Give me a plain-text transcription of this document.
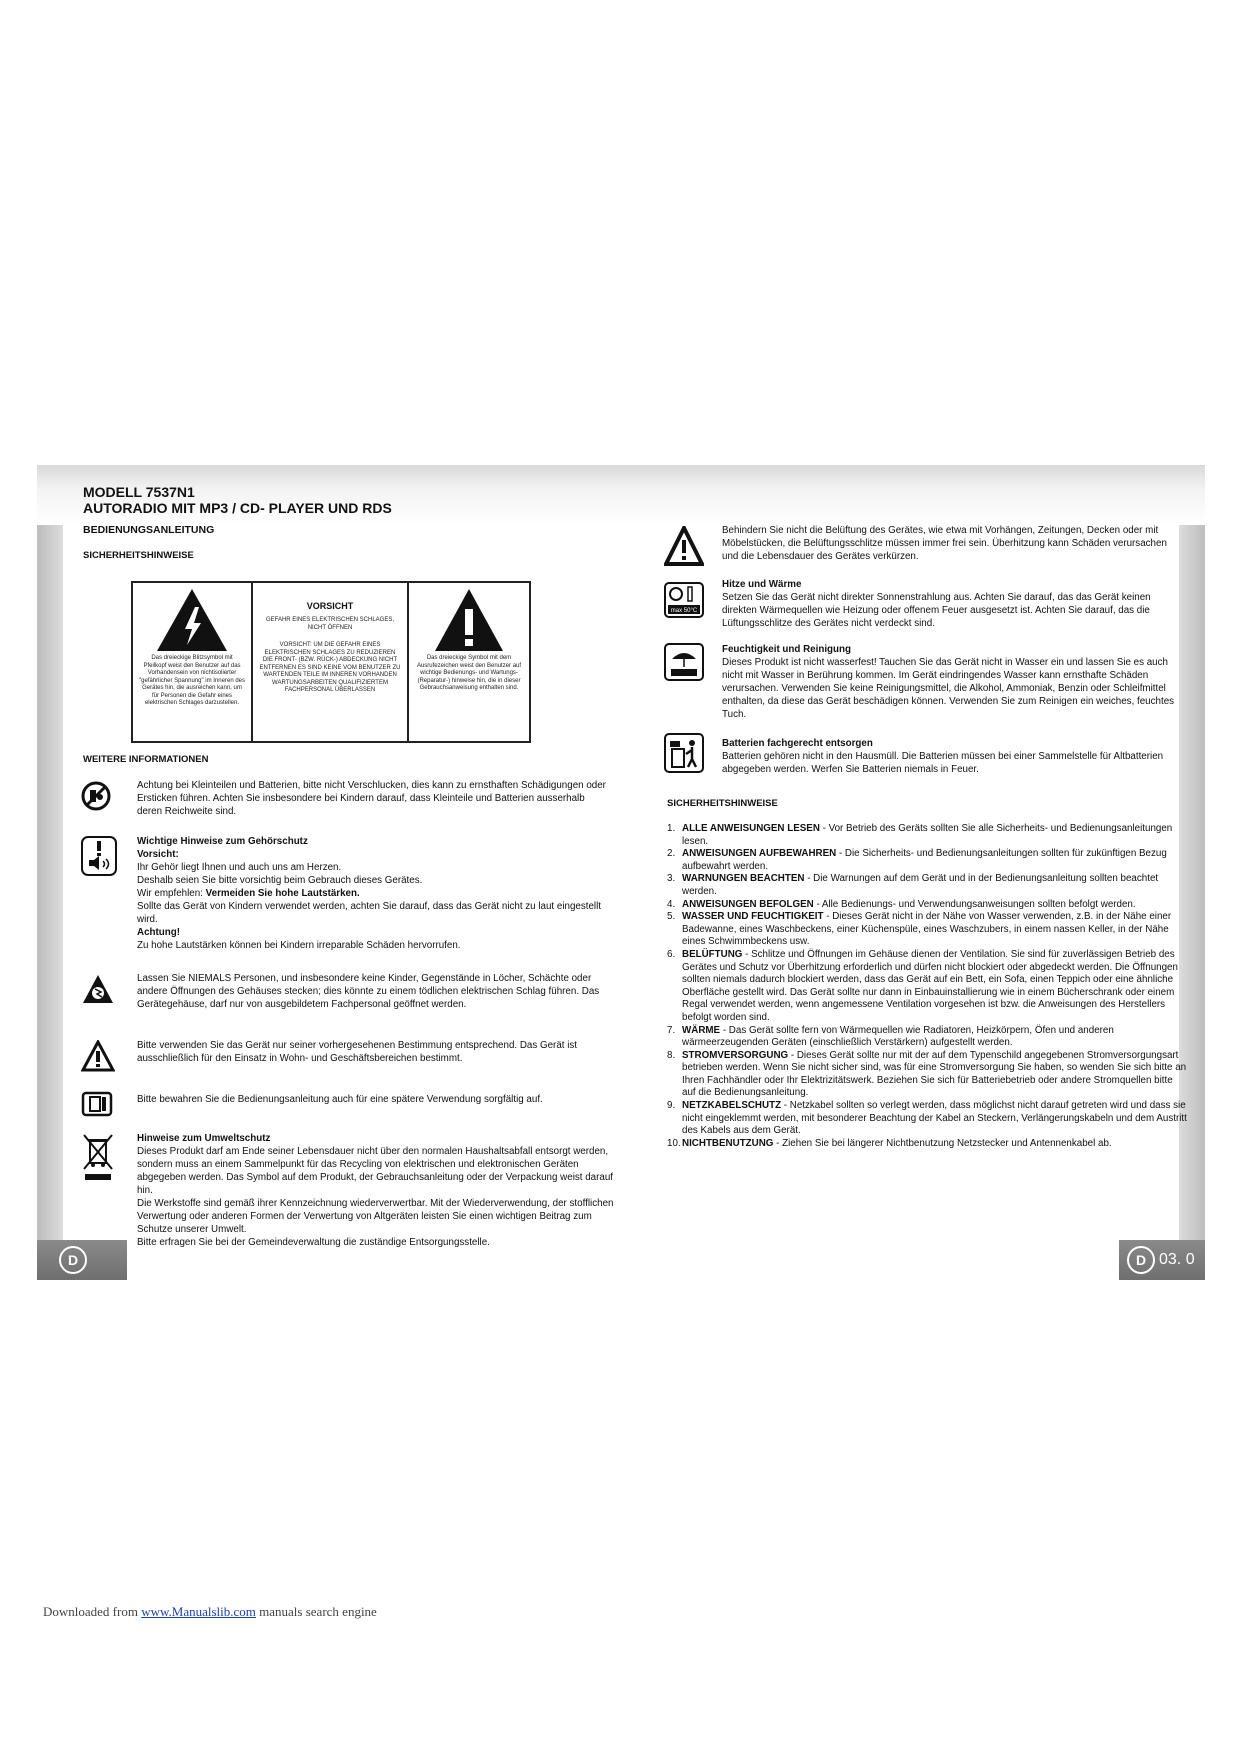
MODELL 7537N1
AUTORADIO MIT MP3 / CD- PLAYER UND RDS
BEDIENUNGSANLEITUNG
SICHERHEITSHINWEISE
Das dreieckige Blitzsymbol mit Pfeilkopf weist den Benutzer auf das Vorhandensein von nichtisolierter "gefährlicher Spannung" im Inneren des Gerätes hin, die ausreichen kann, um für Personen die Gefahr eines elektrischen Schlages darzustellen.
VORSICHT
GEFAHR EINES ELEKTRISCHEN SCHLAGES, NICHT ÖFFNEN
VORSICHT: UM DIE GEFAHR EINES ELEKTRISCHEN SCHLAGES ZU REDUZIEREN DIE FRONT- (BZW. RÜCK-) ABDECKUNG NICHT ENTFERNEN ES SIND KEINE VOM BENUTZER ZU WARTENDEN TEILE IM INNEREN VORHANDEN WARTUNGSARBEITEN QUALIFIZIERTEM FACHPERSONAL ÜBERLASSEN
Das dreieckige Symbol mit dem Ausrufezeichen weist den Benutzer auf wichtige Bedienungs- und Wartungs- (Reparatur-) hinweise hin, die in dieser Gebrauchsanweisung enthalten sind.
WEITERE INFORMATIONEN
Achtung bei Kleinteilen und Batterien, bitte nicht Verschlucken, dies kann zu ernsthaften Schädigungen oder Ersticken führen. Achten Sie insbesondere bei Kindern darauf, dass Kleinteile und Batterien ausserhalb deren Reichweite sind.
Wichtige Hinweise zum Gehörschutz
Vorsicht:
Ihr Gehör liegt Ihnen und auch uns am Herzen.
Deshalb seien Sie bitte vorsichtig beim Gebrauch dieses Gerätes.
Wir empfehlen: Vermeiden Sie hohe Lautstärken.
Sollte das Gerät von Kindern verwendet werden, achten Sie darauf, dass das Gerät nicht zu laut eingestellt wird.
Achtung!
Zu hohe Lautstärken können bei Kindern irreparable Schäden hervorrufen.
Lassen Sie NIEMALS Personen, und insbesondere keine Kinder, Gegenstände in Löcher, Schächte oder andere Öffnungen des Gehäuses stecken; dies könnte zu einem tödlichen elektrischen Schlag führen. Das Gerätegehäuse, darf nur von ausgebildetem Fachpersonal geöffnet werden.
Bitte verwenden Sie das Gerät nur seiner vorhergesehenen Bestimmung entsprechend. Das Gerät ist ausschließlich für den Einsatz in Wohn- und Geschäftsbereichen bestimmt.
Bitte bewahren Sie die Bedienungsanleitung auch für eine spätere Verwendung sorgfältig auf.
Hinweise zum Umweltschutz
Dieses Produkt darf am Ende seiner Lebensdauer nicht über den normalen Haushaltsabfall entsorgt werden, sondern muss an einem Sammelpunkt für das Recycling von elektrischen und elektronischen Geräten abgegeben werden. Das Symbol auf dem Produkt, der Gebrauchsanleitung oder der Verpackung weist darauf hin.
Die Werkstoffe sind gemäß ihrer Kennzeichnung wiederverwertbar. Mit der Wiederverwendung, der stofflichen Verwertung oder anderen Formen der Verwertung von Altgeräten leisten Sie einen wichtigen Beitrag zum Schutze unserer Umwelt.
Bitte erfragen Sie bei der Gemeindeverwaltung die zuständige Entsorgungsstelle.
Behindern Sie nicht die Belüftung des Gerätes, wie etwa mit Vorhängen, Zeitungen, Decken oder mit Möbelstücken, die Belüftungsschlitze müssen immer frei sein. Überhitzung kann Schäden verursachen und die Lebensdauer des Gerätes verkürzen.
max 50°C
Hitze und Wärme
Setzen Sie das Gerät nicht direkter Sonnenstrahlung aus. Achten Sie darauf, das das Gerät keinen direkten Wärmequellen wie Heizung oder offenem Feuer ausgesetzt ist. Achten Sie darauf, das die Lüftungsschlitze des Gerätes nicht verdeckt sind.
Feuchtigkeit und Reinigung
Dieses Produkt ist nicht wasserfest! Tauchen Sie das Gerät nicht in Wasser ein und lassen Sie es auch nicht mit Wasser in Berührung kommen. Im Gerät eindringendes Wasser kann ernsthafte Schäden verursachen. Verwenden Sie keine Reinigungsmittel, die Alkohol, Ammoniak, Benzin oder Schleifmittel enthalten, da diese das Gerät beschädigen können. Verwenden Sie zum Reinigen ein weiches, feuchtes Tuch.
Batterien fachgerecht entsorgen
Batterien gehören nicht in den Hausmüll. Die Batterien müssen bei einer Sammelstelle für Altbatterien abgegeben werden. Werfen Sie Batterien niemals in Feuer.
SICHERHEITSHINWEISE
1. ALLE ANWEISUNGEN LESEN - Vor Betrieb des Geräts sollten Sie alle Sicherheits- und Bedienungsanleitungen lesen.
2. ANWEISUNGEN AUFBEWAHREN - Die Sicherheits- und Bedienungsanleitungen sollten für zukünftigen Bezug aufbewahrt werden.
3. WARNUNGEN BEACHTEN - Die Warnungen auf dem Gerät und in der Bedienungsanleitung sollten beachtet werden.
4. ANWEISUNGEN BEFOLGEN - Alle Bedienungs- und Verwendungsanweisungen sollten befolgt werden.
5. WASSER UND FEUCHTIGKEIT - Dieses Gerät nicht in der Nähe von Wasser verwenden, z.B. in der Nähe einer Badewanne, eines Waschbeckens, einer Küchenspüle, eines Waschzubers, in einem nassen Keller, in der Nähe eines Schwimmbeckens usw.
6. BELÜFTUNG - Schlitze und Öffnungen im Gehäuse dienen der Ventilation. Sie sind für zuverlässigen Betrieb des Gerätes und Schutz vor Überhitzung erforderlich und dürfen nicht blockiert oder abgedeckt werden. Die Öffnungen sollten niemals dadurch blockiert werden, dass das Gerät auf ein Bett, ein Sofa, einen Teppich oder eine ähnliche Oberfläche gestellt wird. Das Gerät sollte nur dann in Einbauinstallierung wie in einem Bücherschrank oder einem Regal verwendet werden, wenn angemessene Ventilation vorgesehen ist bzw. die Anweisungen des Herstellers befolgt worden sind.
7. WÄRME - Das Gerät sollte fern von Wärmequellen wie Radiatoren, Heizkörpern, Öfen und anderen wärmeerzeugenden Geräten (einschließlich Verstärkern) aufgestellt werden.
8. STROMVERSORGUNG - Dieses Gerät sollte nur mit der auf dem Typenschild angegebenen Stromversorgungsart betrieben werden. Wenn Sie nicht sicher sind, was für eine Stromversorgung Sie haben, so wenden Sie sich bitte an Ihren Fachhändler oder Ihr Elektrizitätswerk. Beziehen Sie sich für Batteriebetrieb oder andere Stromquellen bitte auf die Bedienungsanleitung.
9. NETZKABELSCHUTZ - Netzkabel sollten so verlegt werden, dass möglichst nicht darauf getreten wird und dass sie nicht eingeklemmt werden, mit besonderer Beachtung der Kabel an Steckern, Verlängerungskabeln und dem Austritt des Kabels aus dem Gerät.
10. NICHTBENUTZUNG - Ziehen Sie bei längerer Nichtbenutzung Netzstecker und Antennenkabel ab.
D	D 03. 0
Downloaded from www.Manualslib.com manuals search engine
